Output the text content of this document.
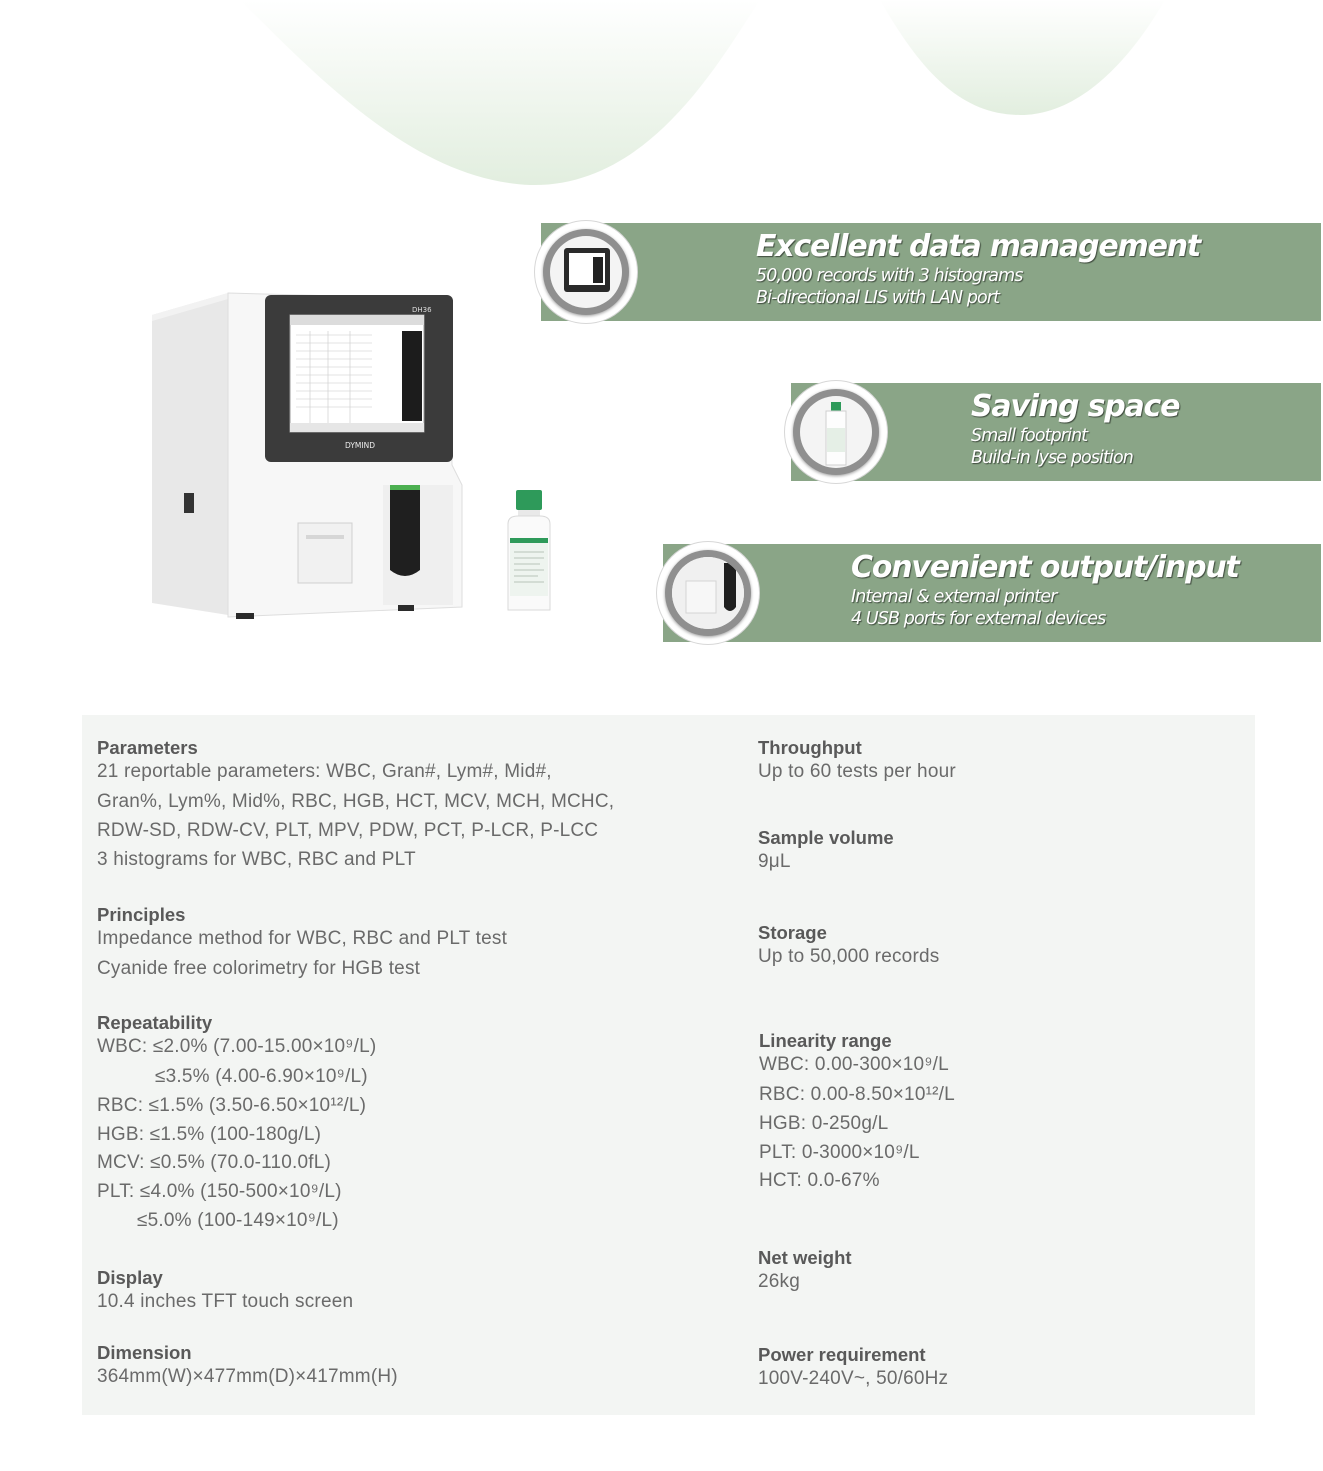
DH36
DYMIND
Excellent data management
50,000 records with 3 histograms
Bi-directional LIS with LAN port
Saving space
Small footprint
Build-in lyse position
Convenient output/input
Internal & external printer
4 USB ports for external devices
Parameters
21 reportable parameters: WBC, Gran#, Lym#, Mid#,
Gran%, Lym%, Mid%, RBC, HGB, HCT, MCV, MCH, MCHC,
RDW-SD, RDW-CV, PLT, MPV, PDW, PCT, P-LCR, P-LCC
3 histograms for WBC, RBC and PLT
Principles
Impedance method for WBC, RBC and PLT test
Cyanide free colorimetry for HGB test
Repeatability
WBC: ≤2.0% (7.00-15.00×10⁹/L)
≤3.5% (4.00-6.90×10⁹/L)
RBC: ≤1.5% (3.50-6.50×10¹²/L)
HGB: ≤1.5% (100-180g/L)
MCV: ≤0.5% (70.0-110.0fL)
PLT: ≤4.0% (150-500×10⁹/L)
≤5.0% (100-149×10⁹/L)
Display
10.4 inches TFT touch screen
Dimension
364mm(W)×477mm(D)×417mm(H)
Throughput
Up to 60 tests per hour
Sample volume
9μL
Storage
Up to 50,000 records
Linearity range
WBC: 0.00-300×10⁹/L
RBC: 0.00-8.50×10¹²/L
HGB: 0-250g/L
PLT: 0-3000×10⁹/L
HCT: 0.0-67%
Net weight
26kg
Power requirement
100V-240V~, 50/60Hz
